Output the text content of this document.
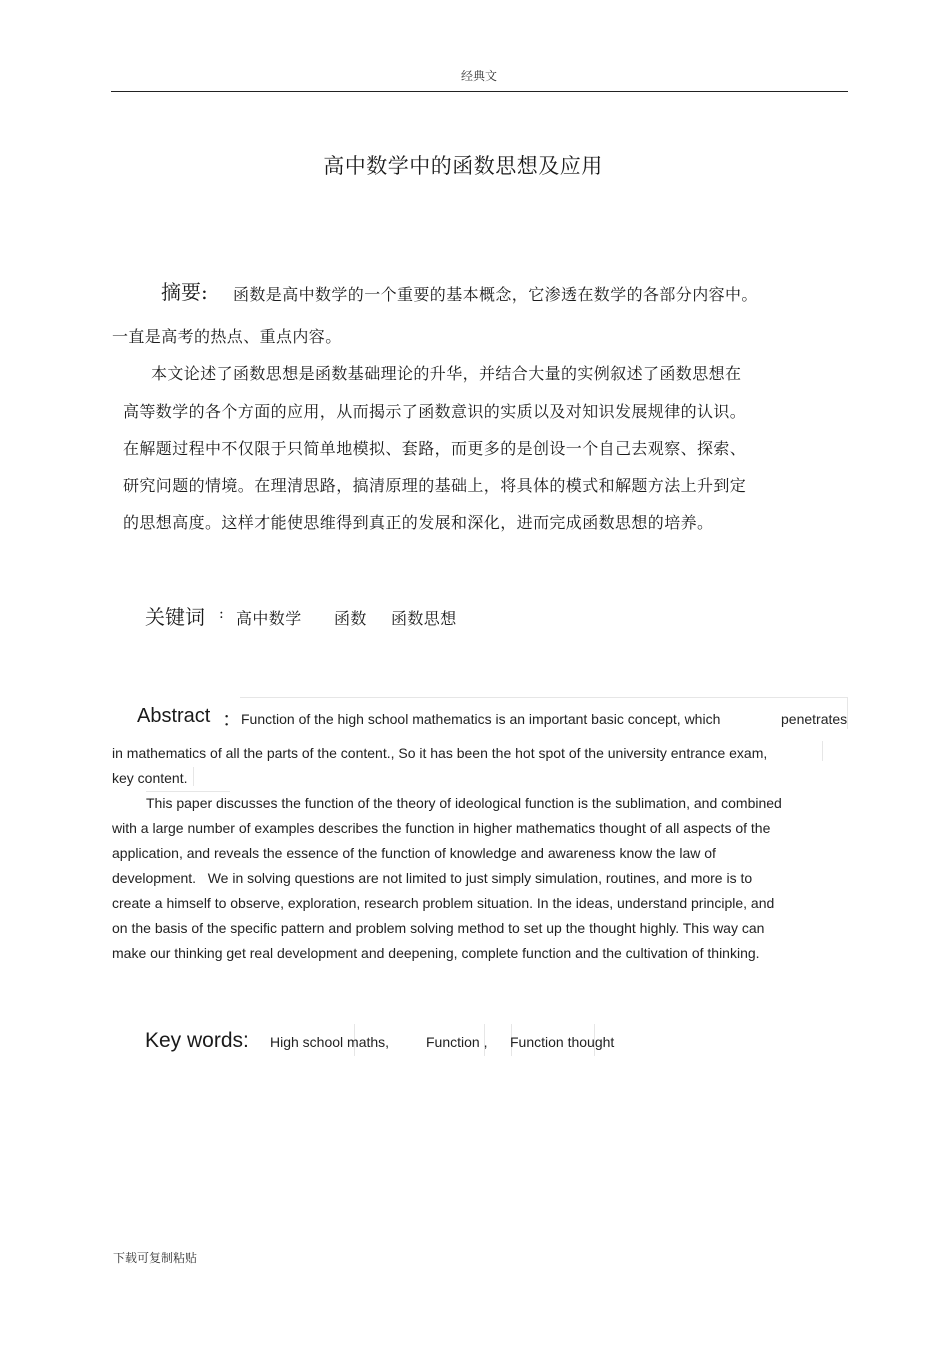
经典文
高中数学中的函数思想及应用
摘要: 函数是高中数学的一个重要的基本概念，它渗透在数学的各部分内容中。
一直是高考的热点、重点内容。
本文论述了函数思想是函数基础理论的升华，并结合大量的实例叙述了函数思想在
高等数学的各个方面的应用，从而揭示了函数意识的实质以及对知识发展规律的认识。
在解题过程中不仅限于只简单地模拟、套路，而更多的是创设一个自己去观察、探索、
研究问题的情境。在理清思路，搞清原理的基础上，将具体的模式和解题方法上升到定
的思想高度。这样才能使思维得到真正的发展和深化，进而完成函数思想的培养。
关键词 : 高中数学 函数 函数思想
Abstract ： Function of the high school mathematics is an important basic concept, which	penetrates
in mathematics of all the parts of the content., So it has been the hot spot of the university entrance exam,
key content.
This paper discusses the function of the theory of ideological function is the sublimation, and combined
with a large number of examples describes the function in higher mathematics thought of all aspects of the
application, and reveals the essence of the function of knowledge and awareness know the law of
development.   We in solving questions are not limited to just simply simulation, routines, and more is to
create a himself to observe, exploration, research problem situation. In the ideas, understand principle, and
on the basis of the specific pattern and problem solving method to set up the thought highly. This way can
make our thinking get real development and deepening, complete function and the cultivation of thinking.
Key words: High school maths,	Function , Function thought
下载可复制粘贴
